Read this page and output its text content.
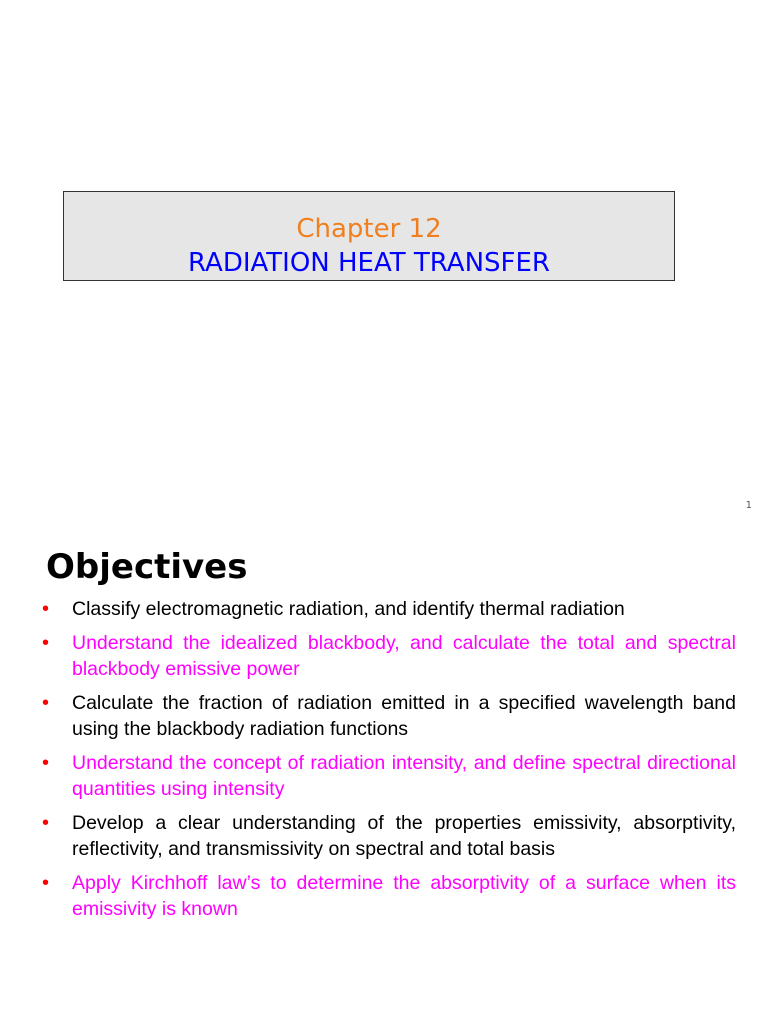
Chapter 12
RADIATION HEAT TRANSFER
1
Objectives
• Classify electromagnetic radiation, and identify thermal radiation
• Understand the idealized blackbody, and calculate the total and spectral blackbody emissive power
• Calculate the fraction of radiation emitted in a specified wavelength band using the blackbody radiation functions
• Understand the concept of radiation intensity, and define spectral directional quantities using intensity
• Develop a clear understanding of the properties emissivity, absorptivity, reflectivity, and transmissivity on spectral and total basis
• Apply Kirchhoff law’s to determine the absorptivity of a surface when its emissivity is known
